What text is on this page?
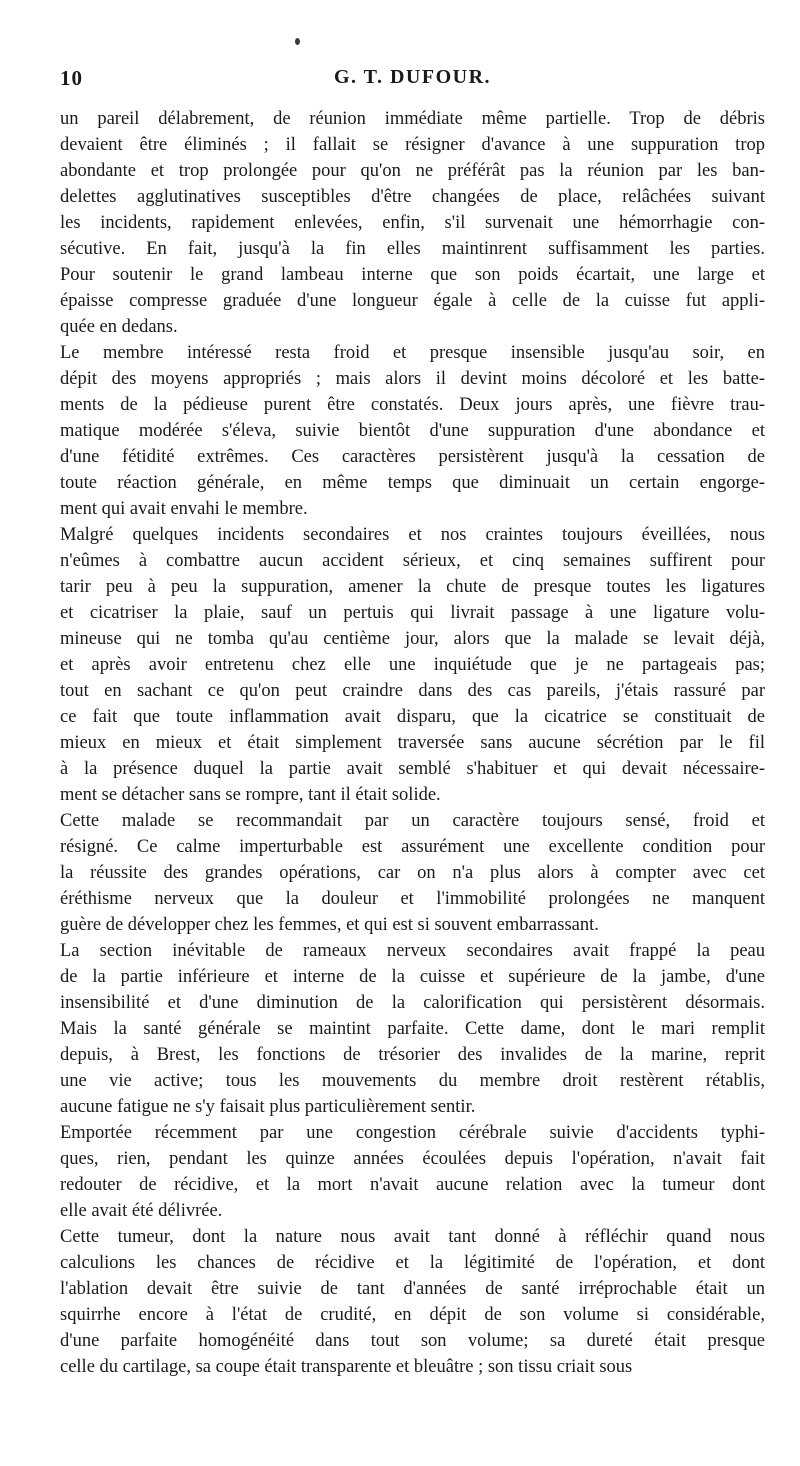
10	G. T. DUFOUR.

un pareil délabrement, de réunion immédiate même partielle. Trop de débris
devaient être éliminés ; il fallait se résigner d'avance à une suppuration trop
abondante et trop prolongée pour qu'on ne préférât pas la réunion par les ban-
delettes agglutinatives susceptibles d'être changées de place, relâchées suivant
les incidents, rapidement enlevées, enfin, s'il survenait une hémorrhagie con-
sécutive. En fait, jusqu'à la fin elles maintinrent suffisamment les parties.
Pour soutenir le grand lambeau interne que son poids écartait, une large et
épaisse compresse graduée d'une longueur égale à celle de la cuisse fut appli-
quée en dedans.

Le membre intéressé resta froid et presque insensible jusqu'au soir, en
dépit des moyens appropriés ; mais alors il devint moins décoloré et les batte-
ments de la pédieuse purent être constatés. Deux jours après, une fièvre trau-
matique modérée s'éleva, suivie bientôt d'une suppuration d'une abondance et
d'une fétidité extrêmes. Ces caractères persistèrent jusqu'à la cessation de
toute réaction générale, en même temps que diminuait un certain engorge-
ment qui avait envahi le membre.

Malgré quelques incidents secondaires et nos craintes toujours éveillées, nous
n'eûmes à combattre aucun accident sérieux, et cinq semaines suffirent pour
tarir peu à peu la suppuration, amener la chute de presque toutes les ligatures
et cicatriser la plaie, sauf un pertuis qui livrait passage à une ligature volu-
mineuse qui ne tomba qu'au centième jour, alors que la malade se levait déjà,
et après avoir entretenu chez elle une inquiétude que je ne partageais pas;
tout en sachant ce qu'on peut craindre dans des cas pareils, j'étais rassuré par
ce fait que toute inflammation avait disparu, que la cicatrice se constituait de
mieux en mieux et était simplement traversée sans aucune sécrétion par le fil
à la présence duquel la partie avait semblé s'habituer et qui devait nécessaire-
ment se détacher sans se rompre, tant il était solide.

Cette malade se recommandait par un caractère toujours sensé, froid et
résigné. Ce calme imperturbable est assurément une excellente condition pour
la réussite des grandes opérations, car on n'a plus alors à compter avec cet
éréthisme nerveux que la douleur et l'immobilité prolongées ne manquent
guère de développer chez les femmes, et qui est si souvent embarrassant.

La section inévitable de rameaux nerveux secondaires avait frappé la peau
de la partie inférieure et interne de la cuisse et supérieure de la jambe, d'une
insensibilité et d'une diminution de la calorification qui persistèrent désormais.
Mais la santé générale se maintint parfaite. Cette dame, dont le mari remplit
depuis, à Brest, les fonctions de trésorier des invalides de la marine, reprit
une vie active; tous les mouvements du membre droit restèrent rétablis,
aucune fatigue ne s'y faisait plus particulièrement sentir.

Emportée récemment par une congestion cérébrale suivie d'accidents typhi-
ques, rien, pendant les quinze années écoulées depuis l'opération, n'avait fait
redouter de récidive, et la mort n'avait aucune relation avec la tumeur dont
elle avait été délivrée.

Cette tumeur, dont la nature nous avait tant donné à réfléchir quand nous
calculions les chances de récidive et la légitimité de l'opération, et dont
l'ablation devait être suivie de tant d'années de santé irréprochable était un
squirrhe encore à l'état de crudité, en dépit de son volume si considérable,
d'une parfaite homogénéité dans tout son volume; sa dureté était presque
celle du cartilage, sa coupe était transparente et bleuâtre ; son tissu criait sous
